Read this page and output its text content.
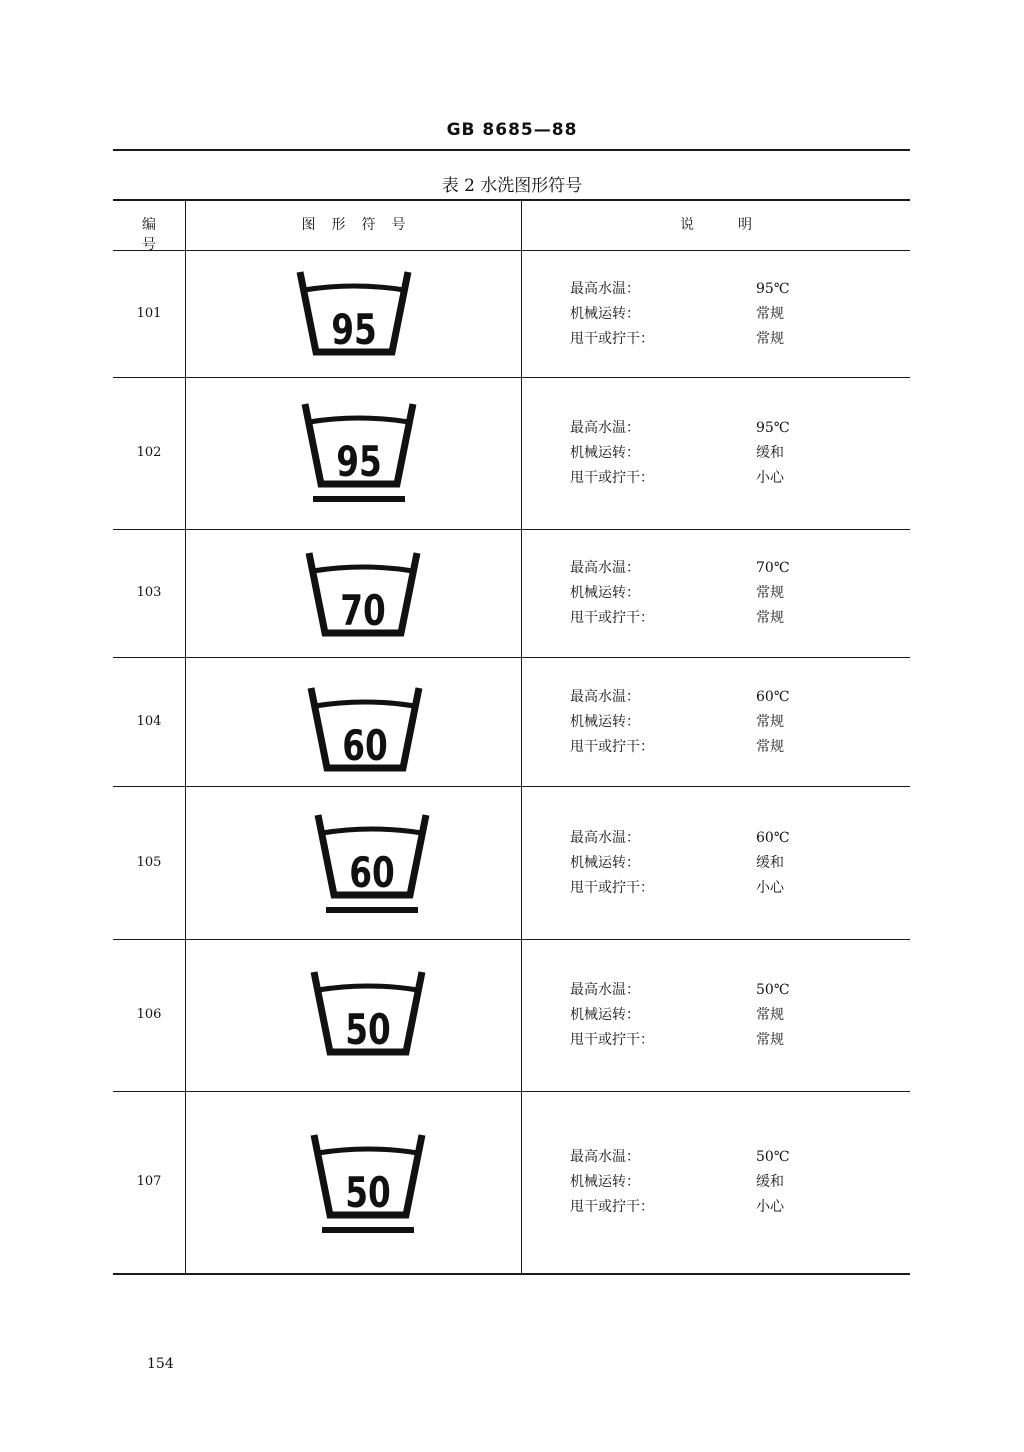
GB 8685—88
表 2 水洗图形符号
编号
图形符号	说明
101	95
最高水温：	95℃
机械运转：	常规
甩干或拧干：	常规
102	95
最高水温：	95℃
机械运转：	缓和
甩干或拧干：	小心
103	70
最高水温：	70℃
机械运转：	常规
甩干或拧干：	常规
104	60
最高水温：	60℃
机械运转：	常规
甩干或拧干：	常规
105	60
最高水温：	60℃
机械运转：	缓和
甩干或拧干：	小心
106	50
最高水温：	50℃
机械运转：	常规
甩干或拧干：	常规
107	50
最高水温：	50℃
机械运转：	缓和
甩干或拧干：	小心
154
